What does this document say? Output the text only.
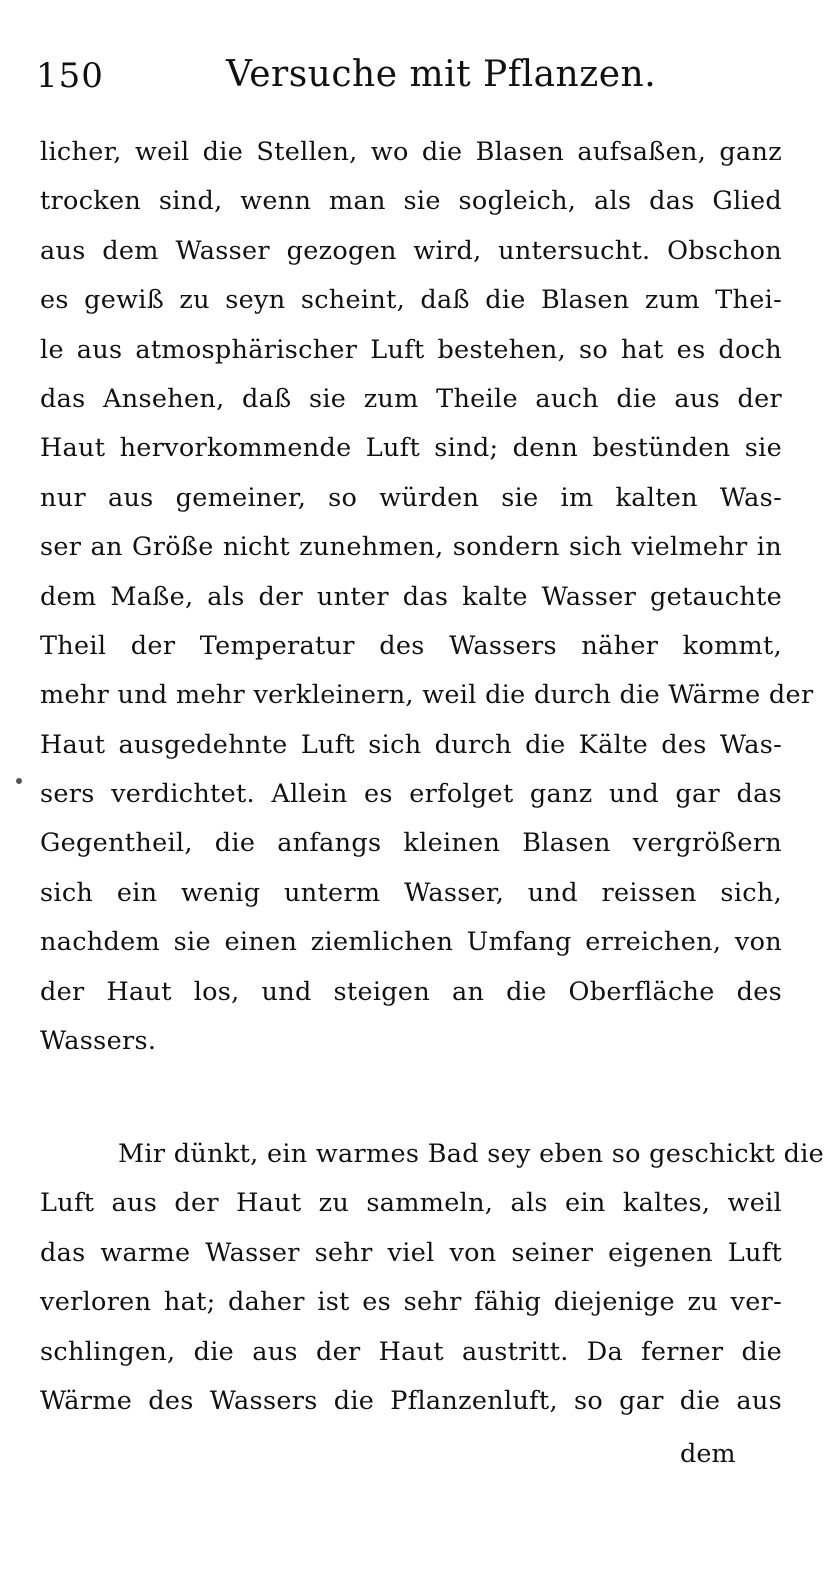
150	Versuche mit Pflanzen.
licher, weil die Stellen, wo die Blasen aufsaßen, ganz
trocken sind, wenn man sie sogleich, als das Glied
aus dem Wasser gezogen wird, untersucht. Obschon
es gewiß zu seyn scheint, daß die Blasen zum Thei-
le aus atmosphärischer Luft bestehen, so hat es doch
das Ansehen, daß sie zum Theile auch die aus der
Haut hervorkommende Luft sind; denn bestünden sie
nur aus gemeiner, so würden sie im kalten Was-
ser an Größe nicht zunehmen, sondern sich vielmehr in
dem Maße, als der unter das kalte Wasser getauchte
Theil der Temperatur des Wassers näher kommt,
mehr und mehr verkleinern, weil die durch die Wärme der
Haut ausgedehnte Luft sich durch die Kälte des Was-
sers verdichtet. Allein es erfolget ganz und gar das
Gegentheil, die anfangs kleinen Blasen vergrößern
sich ein wenig unterm Wasser, und reissen sich,
nachdem sie einen ziemlichen Umfang erreichen, von
der Haut los, und steigen an die Oberfläche des
Wassers.
Mir dünkt, ein warmes Bad sey eben so geschickt die
Luft aus der Haut zu sammeln, als ein kaltes, weil
das warme Wasser sehr viel von seiner eigenen Luft
verloren hat; daher ist es sehr fähig diejenige zu ver-
schlingen, die aus der Haut austritt. Da ferner die
Wärme des Wassers die Pflanzenluft, so gar die aus
dem
